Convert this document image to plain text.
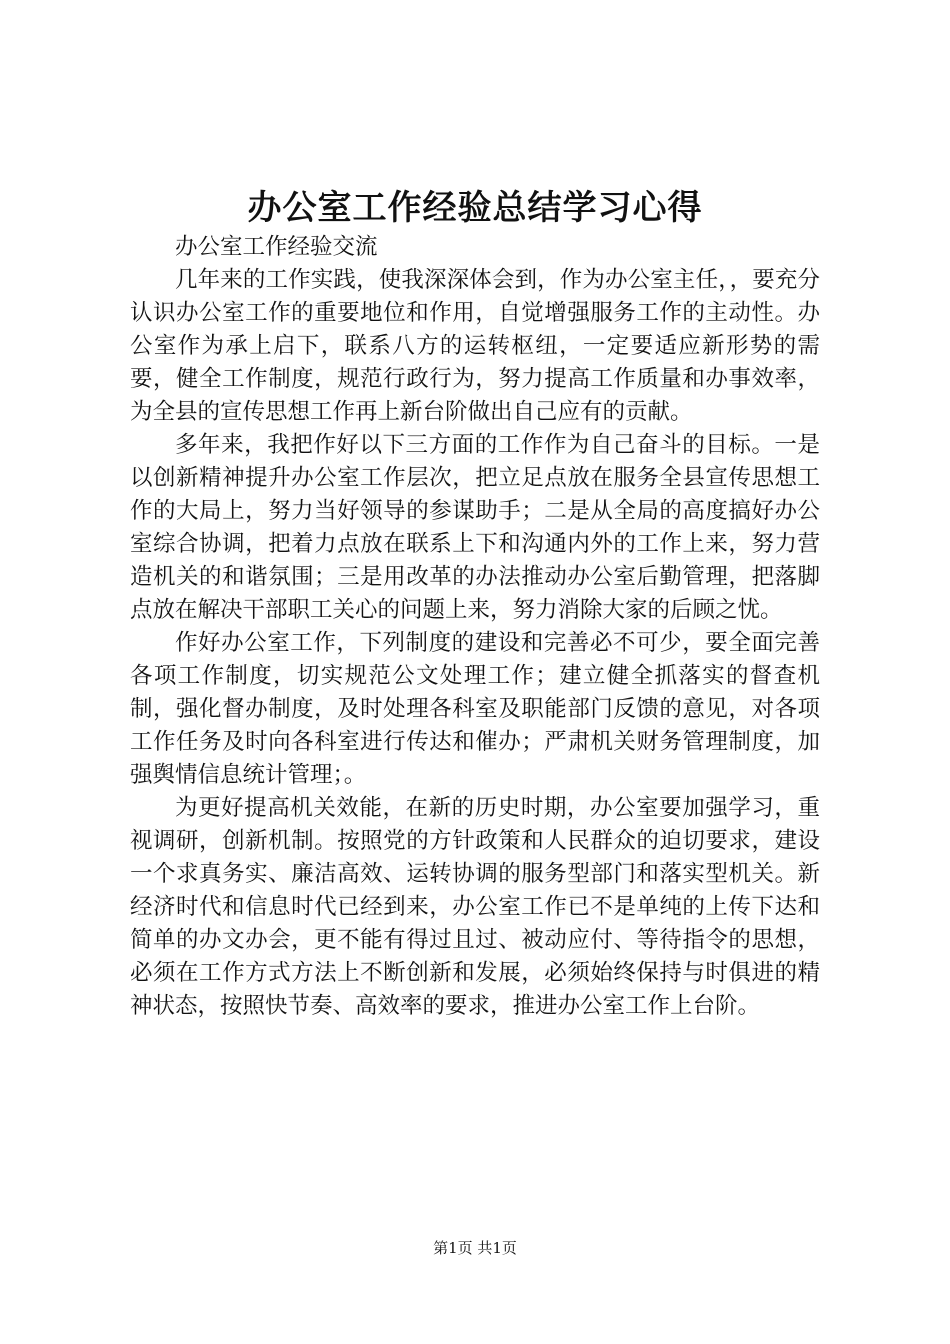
办公室工作经验总结学习心得

办公室工作经验交流

几年来的工作实践，使我深深体会到，作为办公室主任，，要充分认识办公室工作的重要地位和作用，自觉增强服务工作的主动性。办公室作为承上启下，联系八方的运转枢纽，一定要适应新形势的需要，健全工作制度，规范行政行为，努力提高工作质量和办事效率，为全县的宣传思想工作再上新台阶做出自己应有的贡献。

多年来，我把作好以下三方面的工作作为自己奋斗的目标。一是以创新精神提升办公室工作层次，把立足点放在服务全县宣传思想工作的大局上，努力当好领导的参谋助手；二是从全局的高度搞好办公室综合协调，把着力点放在联系上下和沟通内外的工作上来，努力营造机关的和谐氛围；三是用改革的办法推动办公室后勤管理，把落脚点放在解决干部职工关心的问题上来，努力消除大家的后顾之忧。

作好办公室工作，下列制度的建设和完善必不可少，要全面完善各项工作制度，切实规范公文处理工作；建立健全抓落实的督查机制，强化督办制度，及时处理各科室及职能部门反馈的意见，对各项工作任务及时向各科室进行传达和催办；严肃机关财务管理制度，加强舆情信息统计管理；。

为更好提高机关效能，在新的历史时期，办公室要加强学习，重视调研，创新机制。按照党的方针政策和人民群众的迫切要求，建设一个求真务实、廉洁高效、运转协调的服务型部门和落实型机关。新经济时代和信息时代已经到来，办公室工作已不是单纯的上传下达和简单的办文办会，更不能有得过且过、被动应付、等待指令的思想，必须在工作方式方法上不断创新和发展，必须始终保持与时俱进的精神状态，按照快节奏、高效率的要求，推进办公室工作上台阶。

第1页 共1页
